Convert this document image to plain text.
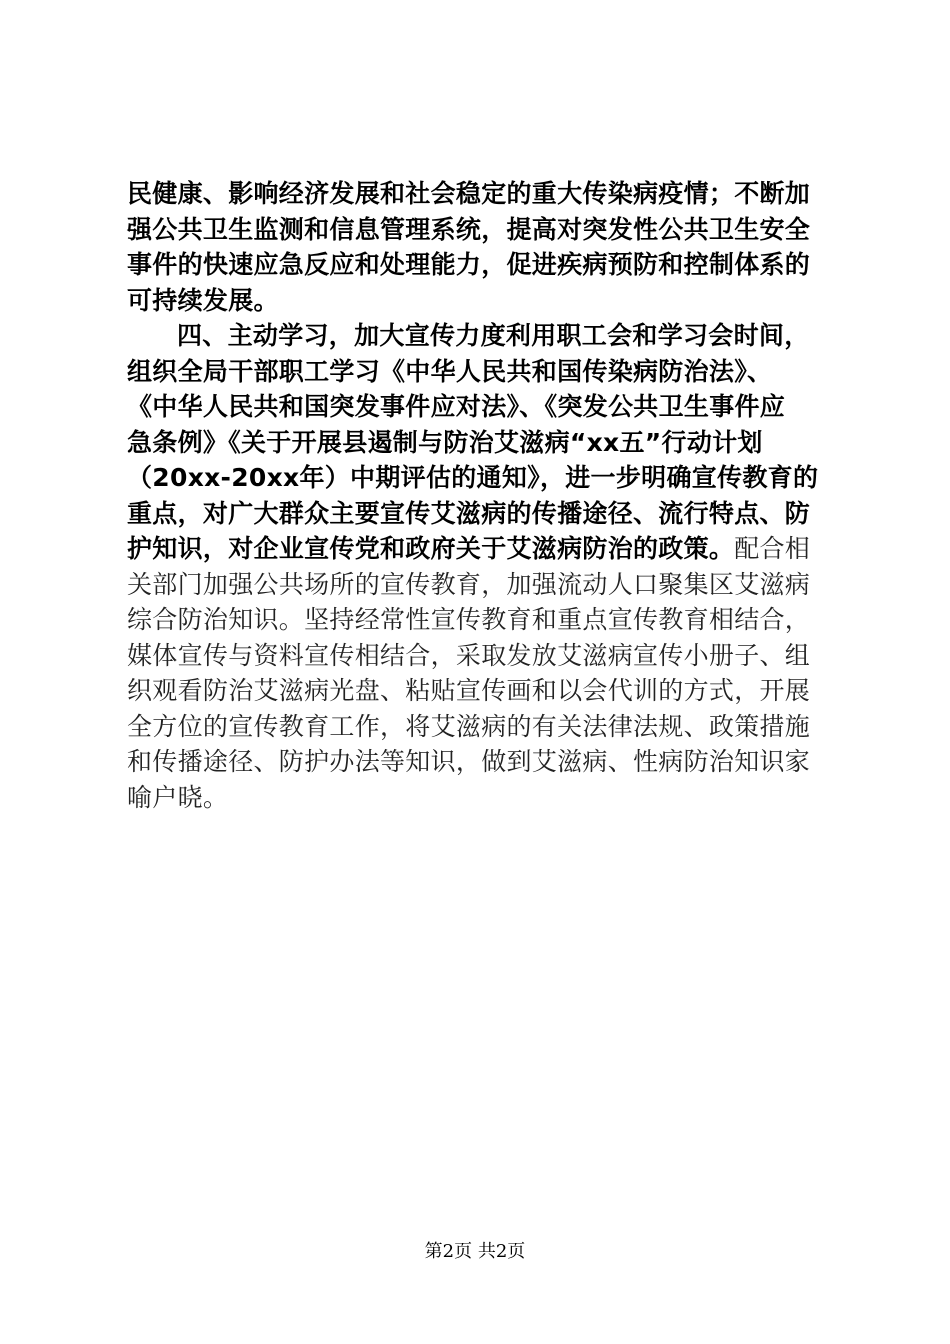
民健康、影响经济发展和社会稳定的重大传染病疫情；不断加
强公共卫生监测和信息管理系统，提高对突发性公共卫生安全
事件的快速应急反应和处理能力，促进疾病预防和控制体系的
可持续发展。
四、主动学习，加大宣传力度利用职工会和学习会时间，
组织全局干部职工学习《中华人民共和国传染病防治法》、
《中华人民共和国突发事件应对法》、《突发公共卫生事件应
急条例》《关于开展县遏制与防治艾滋病“xx五”行动计划
（20xx-20xx年）中期评估的通知》，进一步明确宣传教育的
重点，对广大群众主要宣传艾滋病的传播途径、流行特点、防
护知识，对企业宣传党和政府关于艾滋病防治的政策。配合相
关部门加强公共场所的宣传教育，加强流动人口聚集区艾滋病
综合防治知识。坚持经常性宣传教育和重点宣传教育相结合，
媒体宣传与资料宣传相结合，采取发放艾滋病宣传小册子、组
织观看防治艾滋病光盘、粘贴宣传画和以会代训的方式，开展
全方位的宣传教育工作，将艾滋病的有关法律法规、政策措施
和传播途径、防护办法等知识，做到艾滋病、性病防治知识家
喻户晓。
第2页 共2页
